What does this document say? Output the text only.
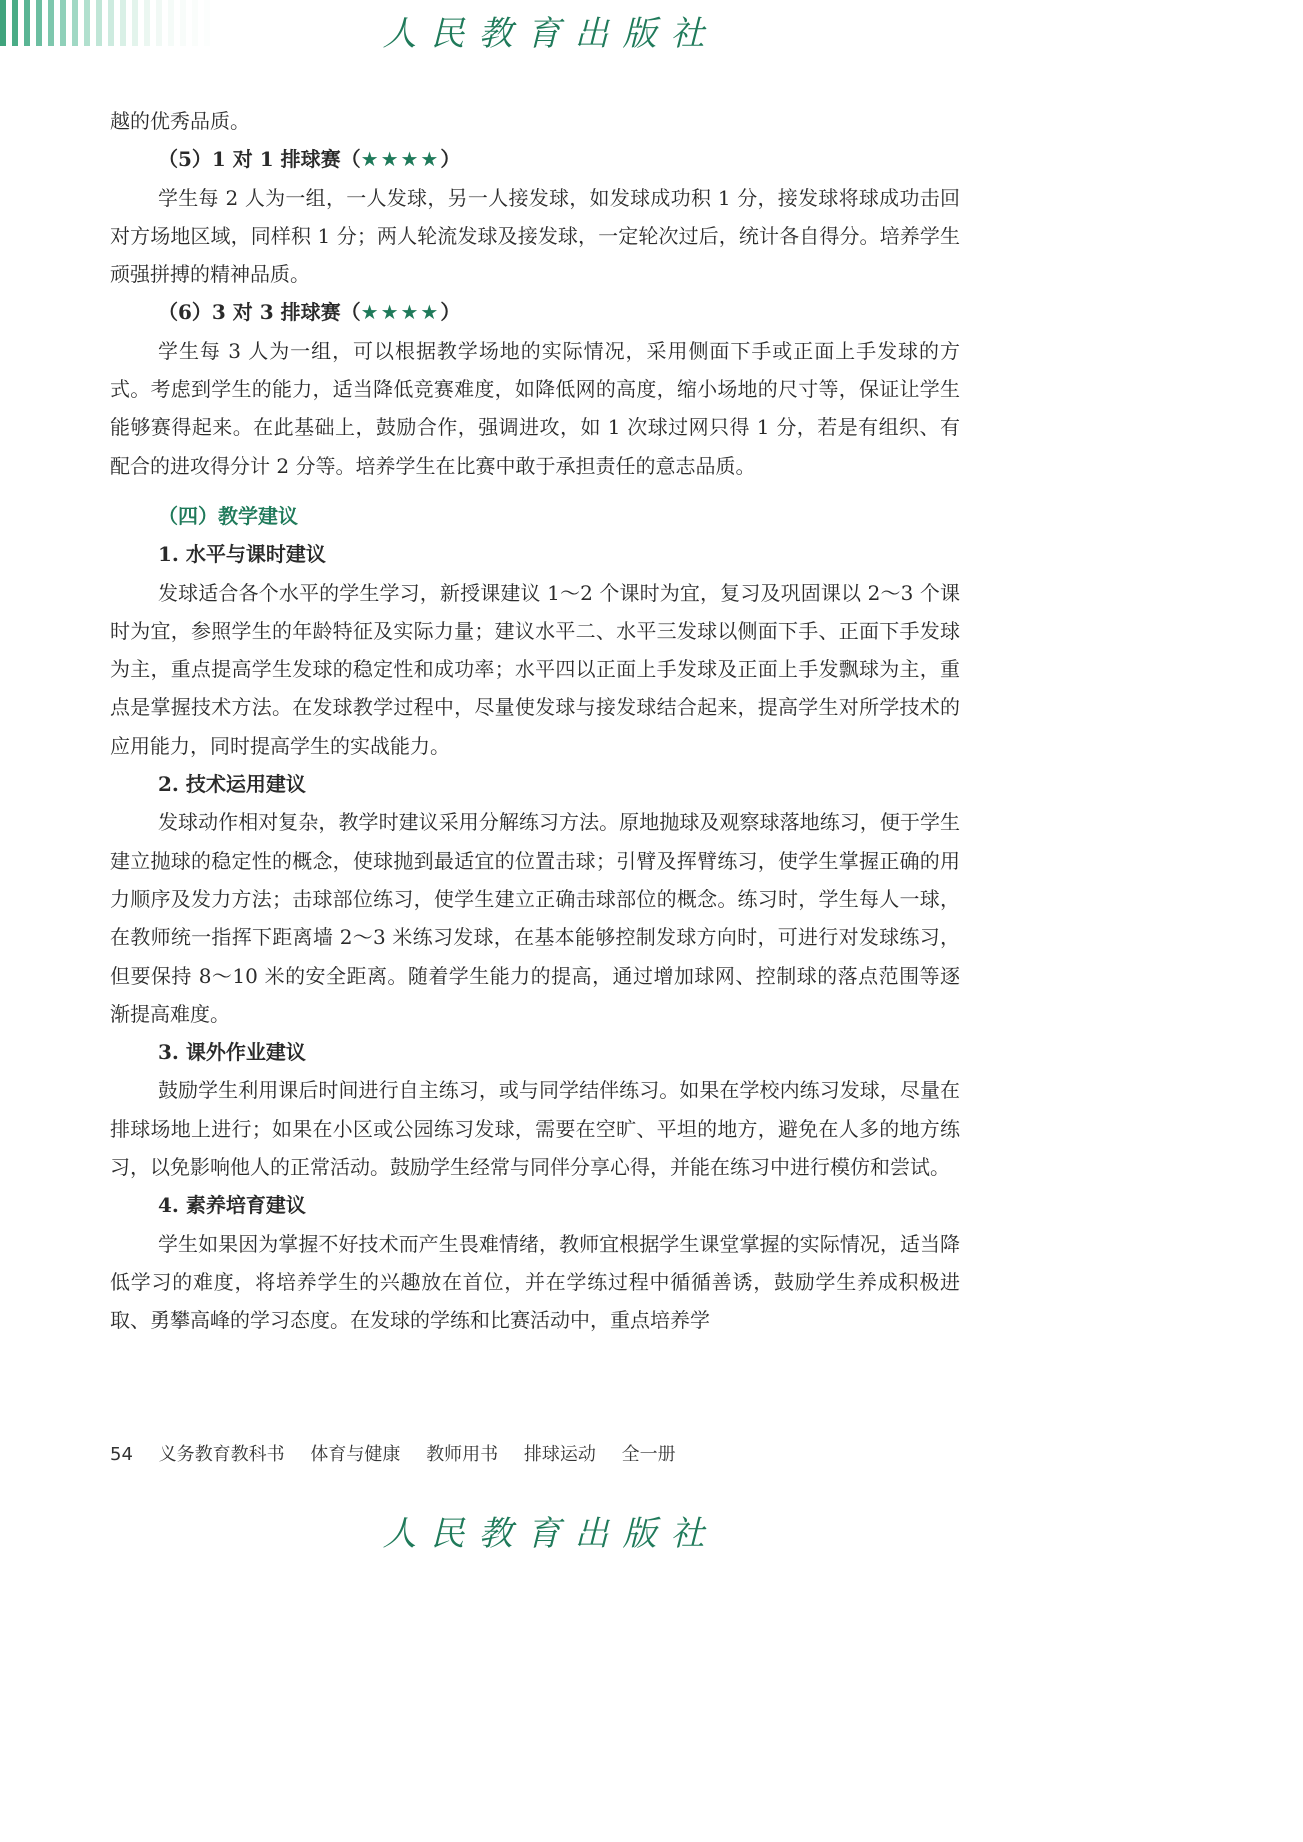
人民教育出版社

越的优秀品质。

（5）1 对 1 排球赛（★★★★）

学生每 2 人为一组，一人发球，另一人接发球，如发球成功积 1 分，接发球将球成功击回对方场地区域，同样积 1 分；两人轮流发球及接发球，一定轮次过后，统计各自得分。培养学生顽强拼搏的精神品质。

（6）3 对 3 排球赛（★★★★）

学生每 3 人为一组，可以根据教学场地的实际情况，采用侧面下手或正面上手发球的方式。考虑到学生的能力，适当降低竞赛难度，如降低网的高度，缩小场地的尺寸等，保证让学生能够赛得起来。在此基础上，鼓励合作，强调进攻，如 1 次球过网只得 1 分，若是有组织、有配合的进攻得分计 2 分等。培养学生在比赛中敢于承担责任的意志品质。

（四）教学建议

1. 水平与课时建议

发球适合各个水平的学生学习，新授课建议 1～2 个课时为宜，复习及巩固课以 2～3 个课时为宜，参照学生的年龄特征及实际力量；建议水平二、水平三发球以侧面下手、正面下手发球为主，重点提高学生发球的稳定性和成功率；水平四以正面上手发球及正面上手发飘球为主，重点是掌握技术方法。在发球教学过程中，尽量使发球与接发球结合起来，提高学生对所学技术的应用能力，同时提高学生的实战能力。

2. 技术运用建议

发球动作相对复杂，教学时建议采用分解练习方法。原地抛球及观察球落地练习，便于学生建立抛球的稳定性的概念，使球抛到最适宜的位置击球；引臂及挥臂练习，使学生掌握正确的用力顺序及发力方法；击球部位练习，使学生建立正确击球部位的概念。练习时，学生每人一球，在教师统一指挥下距离墙 2～3 米练习发球，在基本能够控制发球方向时，可进行对发球练习，但要保持 8～10 米的安全距离。随着学生能力的提高，通过增加球网、控制球的落点范围等逐渐提高难度。

3. 课外作业建议

鼓励学生利用课后时间进行自主练习，或与同学结伴练习。如果在学校内练习发球，尽量在排球场地上进行；如果在小区或公园练习发球，需要在空旷、平坦的地方，避免在人多的地方练习，以免影响他人的正常活动。鼓励学生经常与同伴分享心得，并能在练习中进行模仿和尝试。

4. 素养培育建议

学生如果因为掌握不好技术而产生畏难情绪，教师宜根据学生课堂掌握的实际情况，适当降低学习的难度，将培养学生的兴趣放在首位，并在学练过程中循循善诱，鼓励学生养成积极进取、勇攀高峰的学习态度。在发球的学练和比赛活动中，重点培养学

54 义务教育教科书 体育与健康 教师用书 排球运动 全一册
人民教育出版社
